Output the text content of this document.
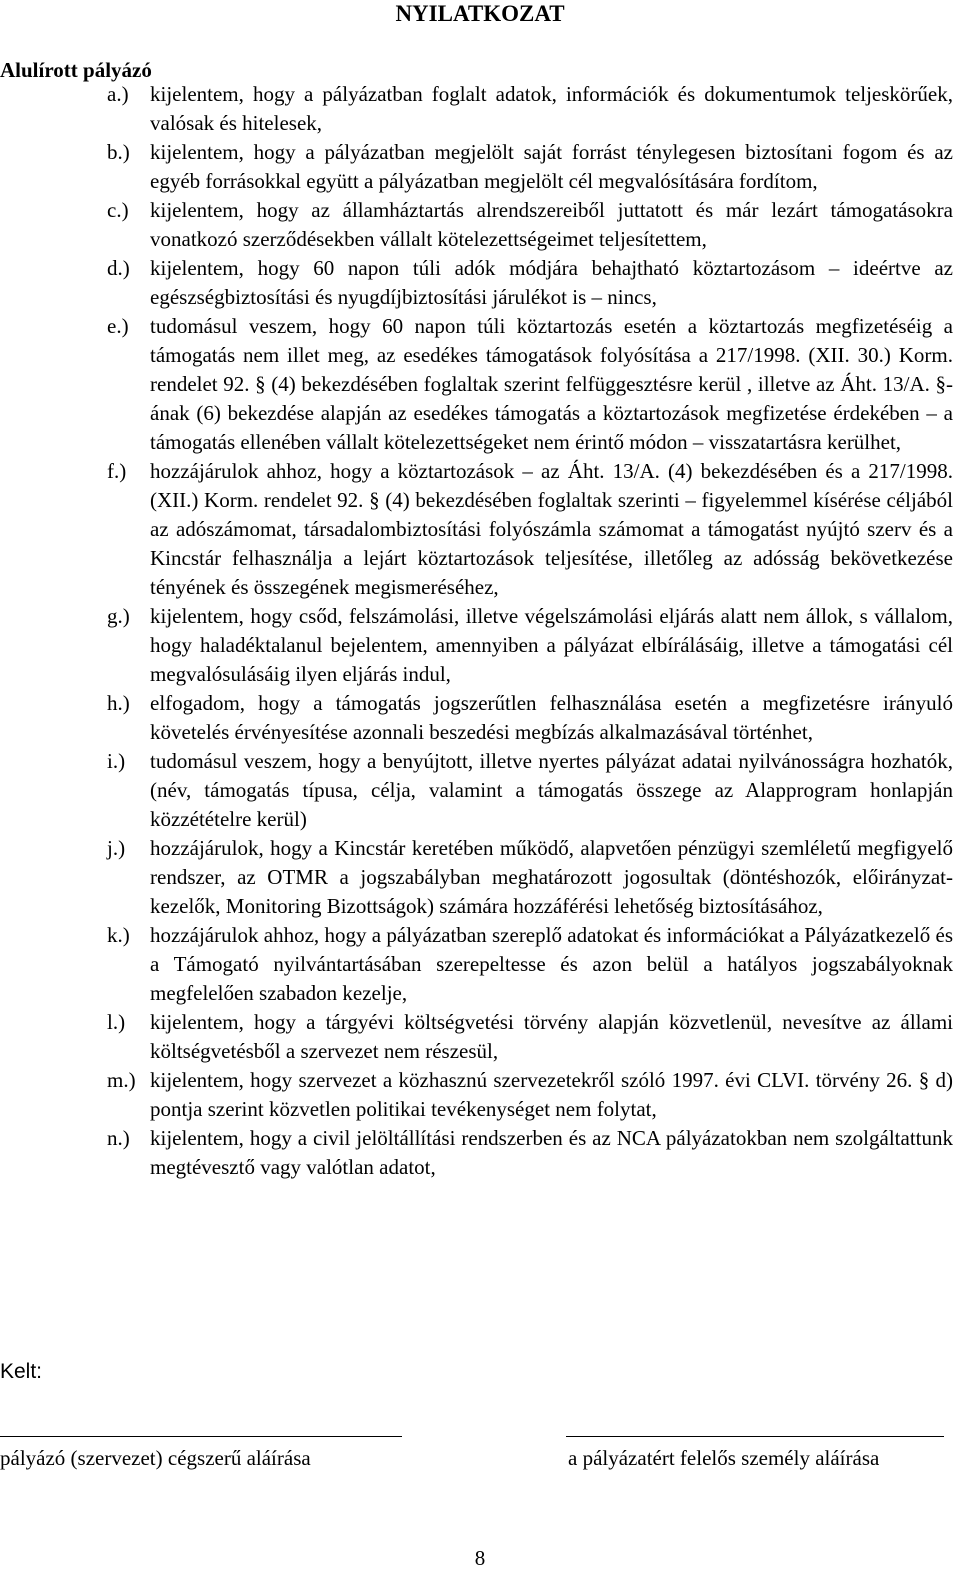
NYILATKOZAT
Alulírott pályázó
a.)	kijelentem, hogy a pályázatban foglalt adatok, információk és dokumentumok teljeskörűek, valósak és hitelesek,
b.) kijelentem, hogy a pályázatban megjelölt saját forrást ténylegesen biztosítani fogom és az egyéb forrásokkal együtt a pályázatban megjelölt cél megvalósítására fordítom,
c.)	kijelentem, hogy az államháztartás alrendszereiből juttatott és már lezárt támogatásokra vonatkozó szerződésekben vállalt kötelezettségeimet teljesítettem,
d.) kijelentem, hogy 60 napon túli adók módjára behajtható köztartozásom – ideértve az egészségbiztosítási és nyugdíjbiztosítási járulékot is – nincs,
e.)	tudomásul veszem, hogy 60 napon túli köztartozás esetén a köztartozás megfizetéséig a támogatás nem illet meg, az esedékes támogatások folyósítása a 217/1998. (XII. 30.) Korm. rendelet 92. § (4) bekezdésében foglaltak szerint felfüggesztésre kerül , illetve az Áht. 13/A. §-ának (6) bekezdése alapján az esedékes támogatás a köztartozások megfizetése érdekében – a támogatás ellenében vállalt kötelezettségeket nem érintő módon – visszatartásra kerülhet,
f.)	hozzájárulok ahhoz, hogy a köztartozások – az Áht. 13/A. (4) bekezdésében és a 217/1998. (XII.) Korm. rendelet 92. § (4) bekezdésében foglaltak szerinti – figyelemmel kísérése céljából az adószámomat, társadalombiztosítási folyószámla számomat a támogatást nyújtó szerv és a Kincstár felhasználja a lejárt köztartozások teljesítése, illetőleg az adósság bekövetkezése tényének és összegének megismeréséhez,
g.) kijelentem, hogy csőd, felszámolási, illetve végelszámolási eljárás alatt nem állok, s vállalom, hogy haladéktalanul bejelentem, amennyiben a pályázat elbírálásáig, illetve a támogatási cél megvalósulásáig ilyen eljárás indul,
h.) elfogadom, hogy a támogatás jogszerűtlen felhasználása esetén a megfizetésre irányuló követelés érvényesítése azonnali beszedési megbízás alkalmazásával történhet,
i.)	tudomásul veszem, hogy a benyújtott, illetve nyertes pályázat adatai nyilvánosságra hozhatók, (név, támogatás típusa, célja, valamint a támogatás összege az Alapprogram honlapján közzétételre kerül)
j.)	hozzájárulok, hogy a Kincstár keretében működő, alapvetően pénzügyi szemléletű megfigyelő rendszer, az OTMR a jogszabályban meghatározott jogosultak (döntéshozók, előirányzat-kezelők, Monitoring Bizottságok) számára hozzáférési lehetőség biztosításához,
k.) hozzájárulok ahhoz, hogy a pályázatban szereplő adatokat és információkat a Pályázatkezelő és a Támogató nyilvántartásában szerepeltesse és azon belül a hatályos jogszabályoknak megfelelően szabadon kezelje,
l.)	kijelentem, hogy a tárgyévi költségvetési törvény alapján közvetlenül, nevesítve az állami költségvetésből a szervezet nem részesül,
m.) kijelentem, hogy szervezet a közhasznú szervezetekről szóló 1997. évi CLVI. törvény 26. § d) pontja szerint közvetlen politikai tevékenységet nem folytat,
n.) kijelentem, hogy a civil jelöltállítási rendszerben és az NCA pályázatokban nem szolgáltattunk megtévesztő vagy valótlan adatot,
Kelt:
pályázó (szervezet) cégszerű aláírása	a pályázatért felelős személy aláírása
8
